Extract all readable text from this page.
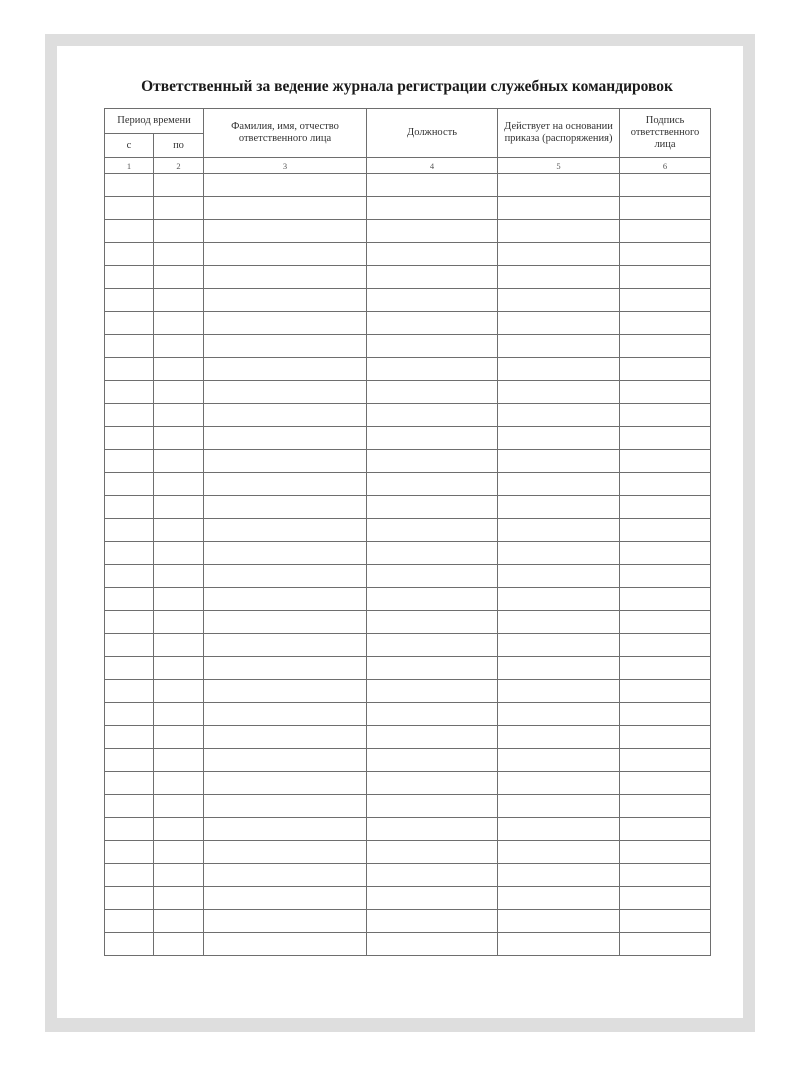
Ответственный за ведение журнала регистрации служебных командировок
Период времени		Фамилия, имя, отчество ответственного лица	Должность	Действует на основании приказа (распоряжения)	Подпись ответственного лица
с	по				
1	2	3	4	5	6
